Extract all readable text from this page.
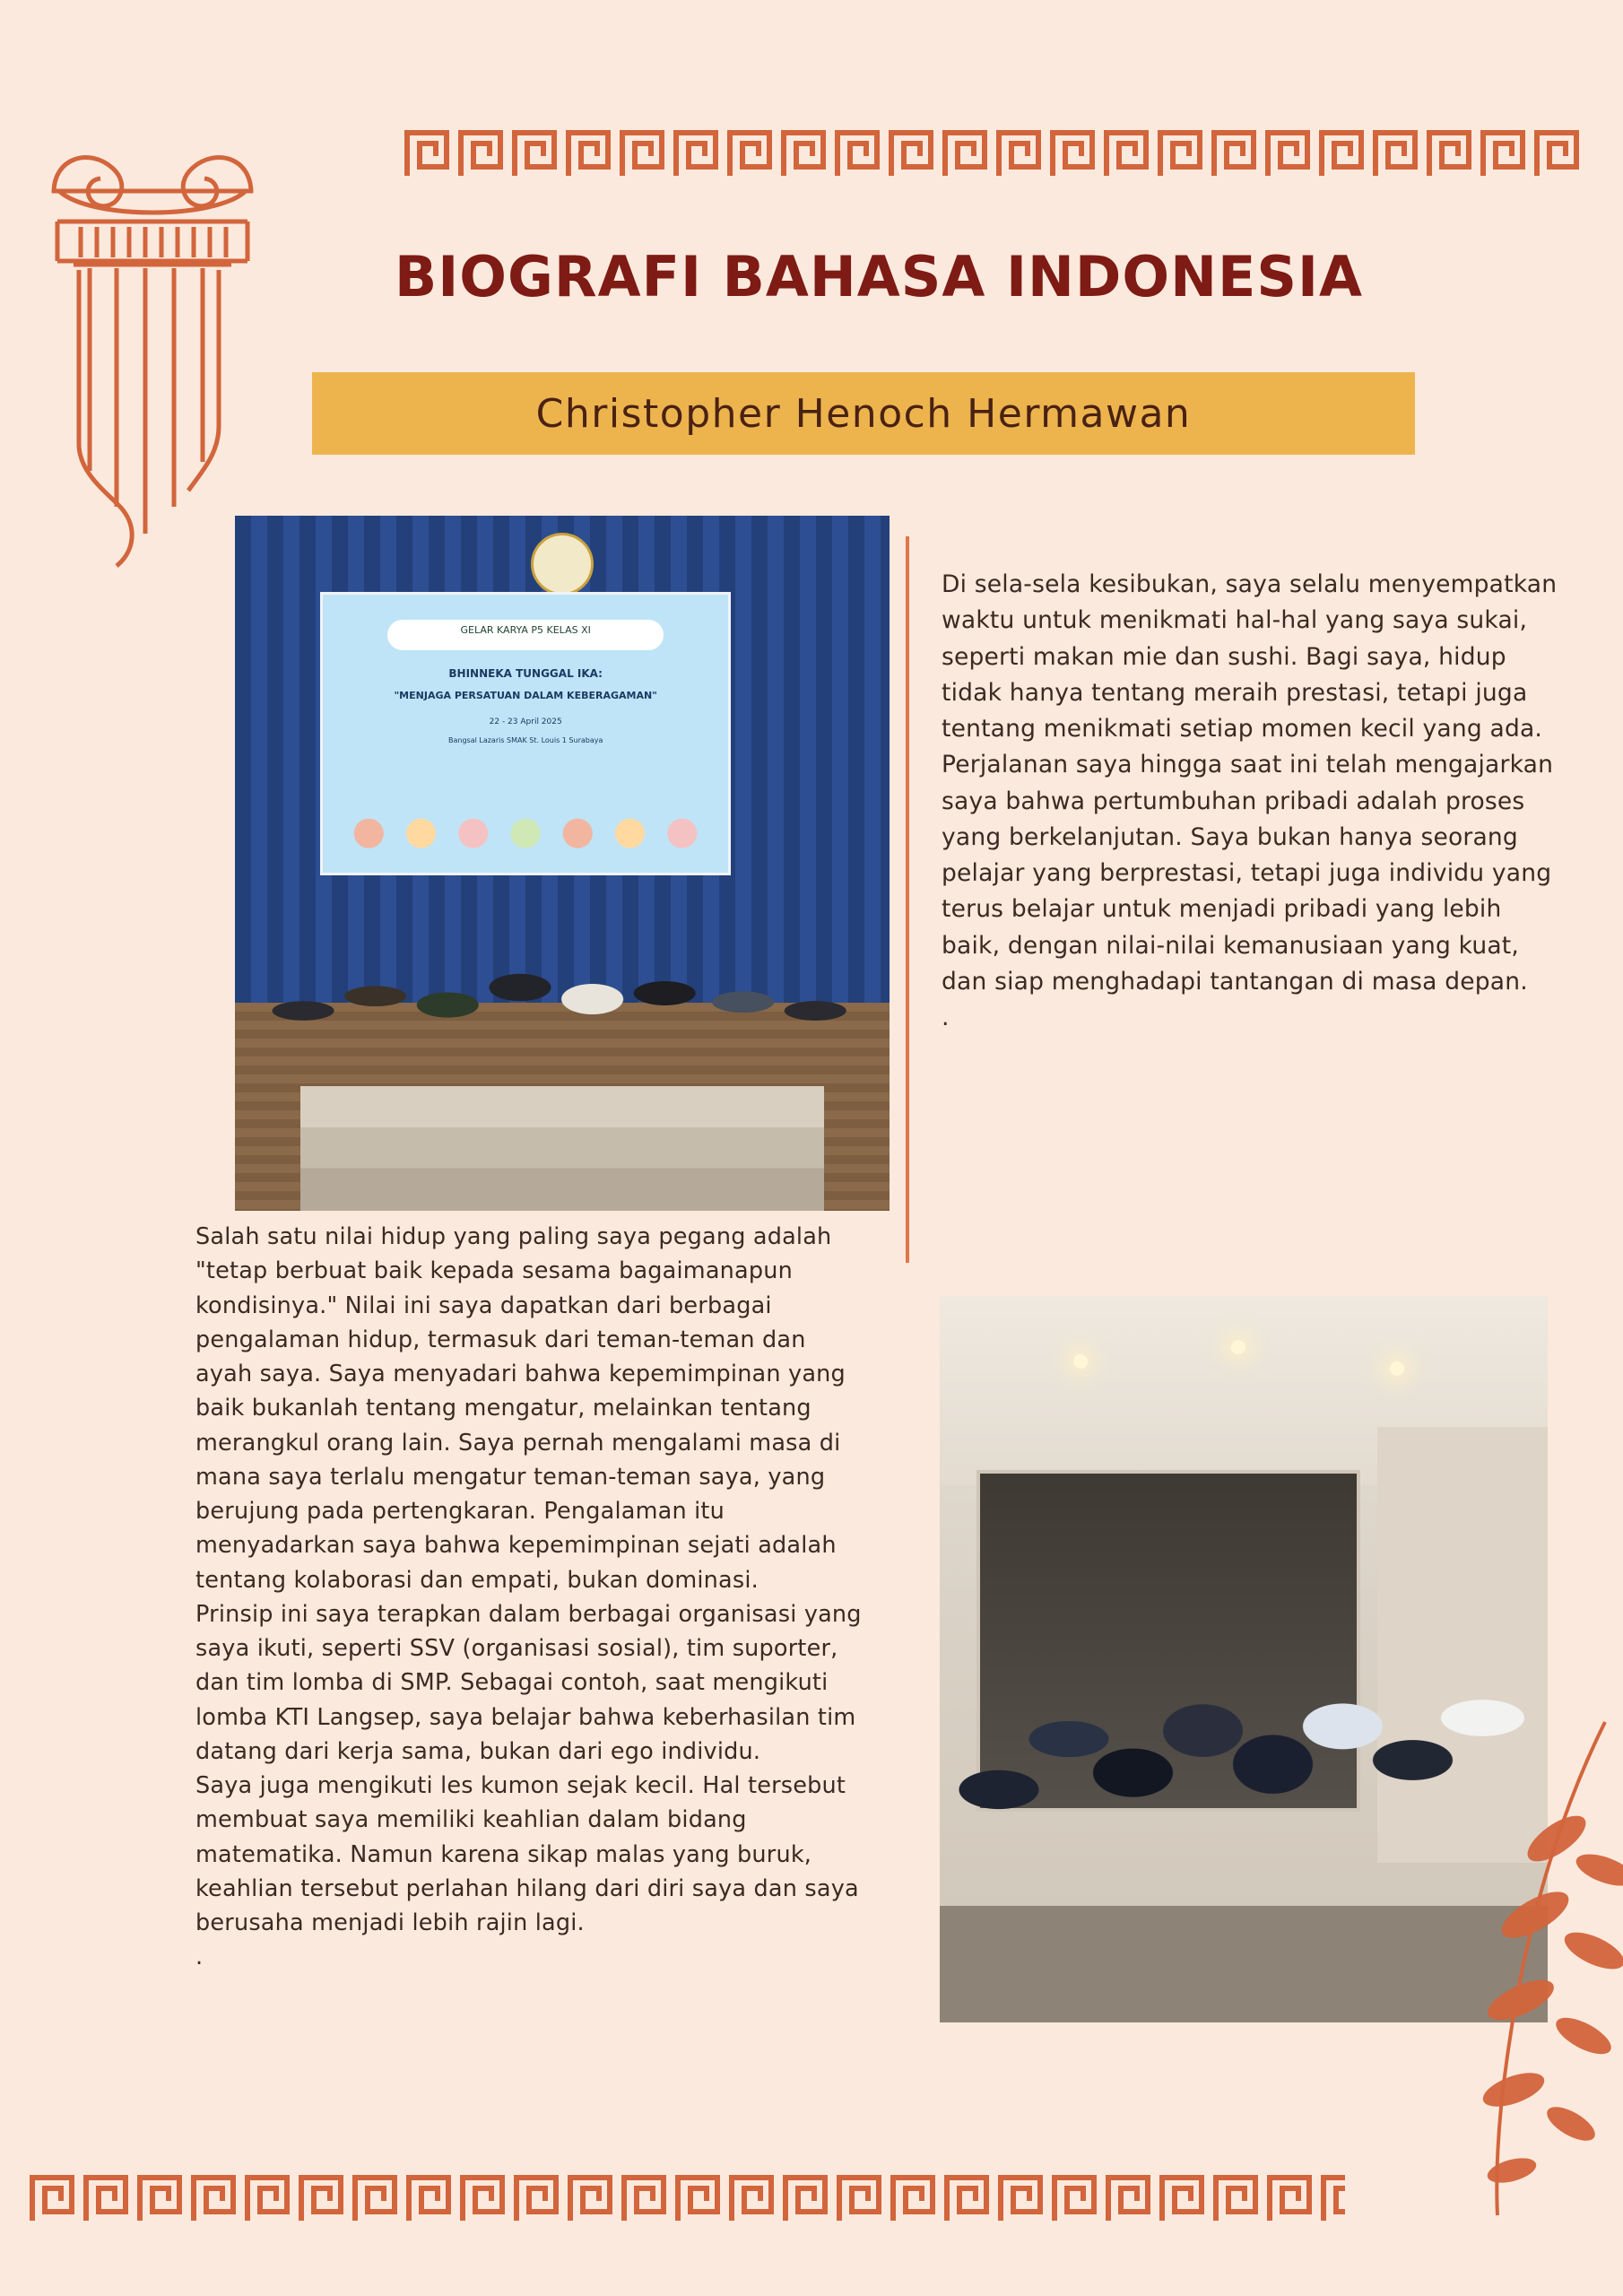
BIOGRAFI BAHASA INDONESIA
Christopher Henoch Hermawan
GELAR KARYA P5 KELAS XI
BHINNEKA TUNGGAL IKA:
"MENJAGA PERSATUAN DALAM KEBERAGAMAN"
22 - 23 April 2025
Bangsal Lazaris SMAK St. Louis 1 Surabaya

Di sela-sela kesibukan, saya selalu menyempatkan waktu untuk menikmati hal-hal yang saya sukai, seperti makan mie dan sushi. Bagi saya, hidup tidak hanya tentang meraih prestasi, tetapi juga tentang menikmati setiap momen kecil yang ada. Perjalanan saya hingga saat ini telah mengajarkan saya bahwa pertumbuhan pribadi adalah proses yang berkelanjutan. Saya bukan hanya seorang pelajar yang berprestasi, tetapi juga individu yang terus belajar untuk menjadi pribadi yang lebih baik, dengan nilai-nilai kemanusiaan yang kuat, dan siap menghadapi tantangan di masa depan.

.

Salah satu nilai hidup yang paling saya pegang adalah "tetap berbuat baik kepada sesama bagaimanapun kondisinya." Nilai ini saya dapatkan dari berbagai pengalaman hidup, termasuk dari teman-teman dan ayah saya. Saya menyadari bahwa kepemimpinan yang baik bukanlah tentang mengatur, melainkan tentang merangkul orang lain. Saya pernah mengalami masa di mana saya terlalu mengatur teman-teman saya, yang berujung pada pertengkaran. Pengalaman itu menyadarkan saya bahwa kepemimpinan sejati adalah tentang kolaborasi dan empati, bukan dominasi.

Prinsip ini saya terapkan dalam berbagai organisasi yang saya ikuti, seperti SSV (organisasi sosial), tim suporter, dan tim lomba di SMP. Sebagai contoh, saat mengikuti lomba KTI Langsep, saya belajar bahwa keberhasilan tim datang dari kerja sama, bukan dari ego individu.

Saya juga mengikuti les kumon sejak kecil. Hal tersebut membuat saya memiliki keahlian dalam bidang matematika. Namun karena sikap malas yang buruk, keahlian tersebut perlahan hilang dari diri saya dan saya berusaha menjadi lebih rajin lagi.

.
